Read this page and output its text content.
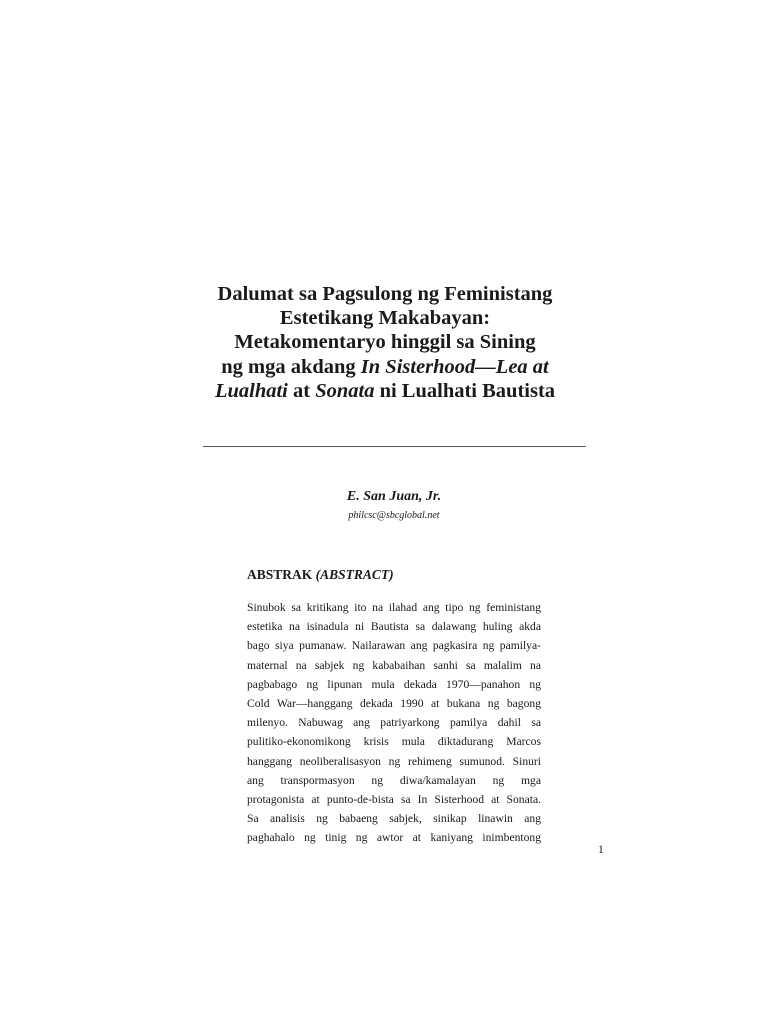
Dalumat sa Pagsulong ng Feministang
Estetikang Makabayan:
Metakomentaryo hinggil sa Sining
ng mga akdang In Sisterhood—Lea at
Lualhati at Sonata ni Lualhati Bautista
E. San Juan, Jr.
philcsc@sbcglobal.net
ABSTRAK (ABSTRACT)
Sinubok sa kritikang ito na ilahad ang tipo ng feministang
estetika na isinadula ni Bautista sa dalawang huling akda
bago siya pumanaw. Nailarawan ang pagkasira ng pamilya-
maternal na sabjek ng kababaihan sanhi sa malalim na
pagbabago ng lipunan mula dekada 1970—panahon ng
Cold War—hanggang dekada 1990 at bukana ng bagong
milenyo. Nabuwag ang patriyarkong pamilya dahil sa
pulitiko-ekonomikong krisis mula diktadurang Marcos
hanggang neoliberalisasyon ng rehimeng sumunod. Sinuri
ang transpormasyon ng diwa/kamalayan ng mga
protagonista at punto-de-bista sa In Sisterhood at Sonata.
Sa analisis ng babaeng sabjek, sinikap linawin ang
paghahalo ng tinig ng awtor at kaniyang inimbentong
1
